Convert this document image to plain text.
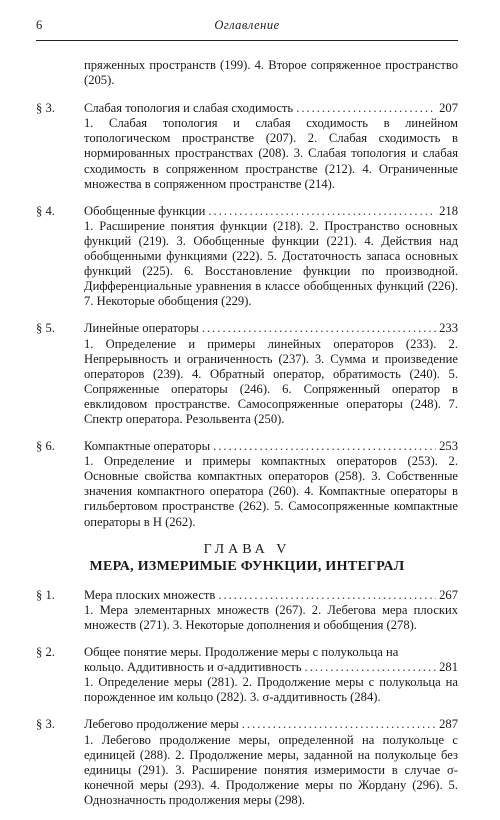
6	Оглавление
пряженных пространств (199). 4. Второе сопряженное пространство (205).
§ 3. Слабая топология и слабая сходимость .....	207
1. Слабая топология и слабая сходимость в линейном топологическом пространстве (207). 2. Слабая сходимость в нормированных пространствах (208). 3. Слабая топология и слабая сходимость в сопряженном пространстве (212). 4. Ограниченные множества в сопряженном пространстве (214).
§ 4. Обобщенные функции .....	218
1. Расширение понятия функции (218). 2. Пространство основных функций (219). 3. Обобщенные функции (221). 4. Действия над обобщенными функциями (222). 5. Достаточность запаса основных функций (225). 6. Восстановление функции по производной. Дифференциальные уравнения в классе обобщенных функций (226). 7. Некоторые обобщения (229).
§ 5. Линейные операторы .....	233
1. Определение и примеры линейных операторов (233). 2. Непрерывность и ограниченность (237). 3. Сумма и произведение операторов (239). 4. Обратный оператор, обратимость (240). 5. Сопряженные операторы (246). 6. Сопряженный оператор в евклидовом пространстве. Самосопряженные операторы (248). 7. Спектр оператора. Резольвента (250).
§ 6. Компактные операторы .....	253
1. Определение и примеры компактных операторов (253). 2. Основные свойства компактных операторов (258). 3. Собственные значения компактного оператора (260). 4. Компактные операторы в гильбертовом пространстве (262). 5. Самосопряженные компактные операторы в H (262).
ГЛАВА V
МЕРА, ИЗМЕРИМЫЕ ФУНКЦИИ, ИНТЕГРАЛ
§ 1. Мера плоских множеств .....	267
1. Мера элементарных множеств (267). 2. Лебегова мера плоских множеств (271). 3. Некоторые дополнения и обобщения (278).
§ 2. Общее понятие меры. Продолжение меры с полукольца на
кольцо. Аддитивность и σ-аддитивность .....	281
1. Определение меры (281). 2. Продолжение меры с полукольца на порожденное им кольцо (282). 3. σ-аддитивность (284).
§ 3. Лебегово продолжение меры .....	287
1. Лебегово продолжение меры, определенной на полукольце с единицей (288). 2. Продолжение меры, заданной на полукольце без единицы (291). 3. Расширение понятия измеримости в случае σ-конечной меры (293). 4. Продолжение меры по Жордану (296). 5. Однозначность продолжения меры (298).
